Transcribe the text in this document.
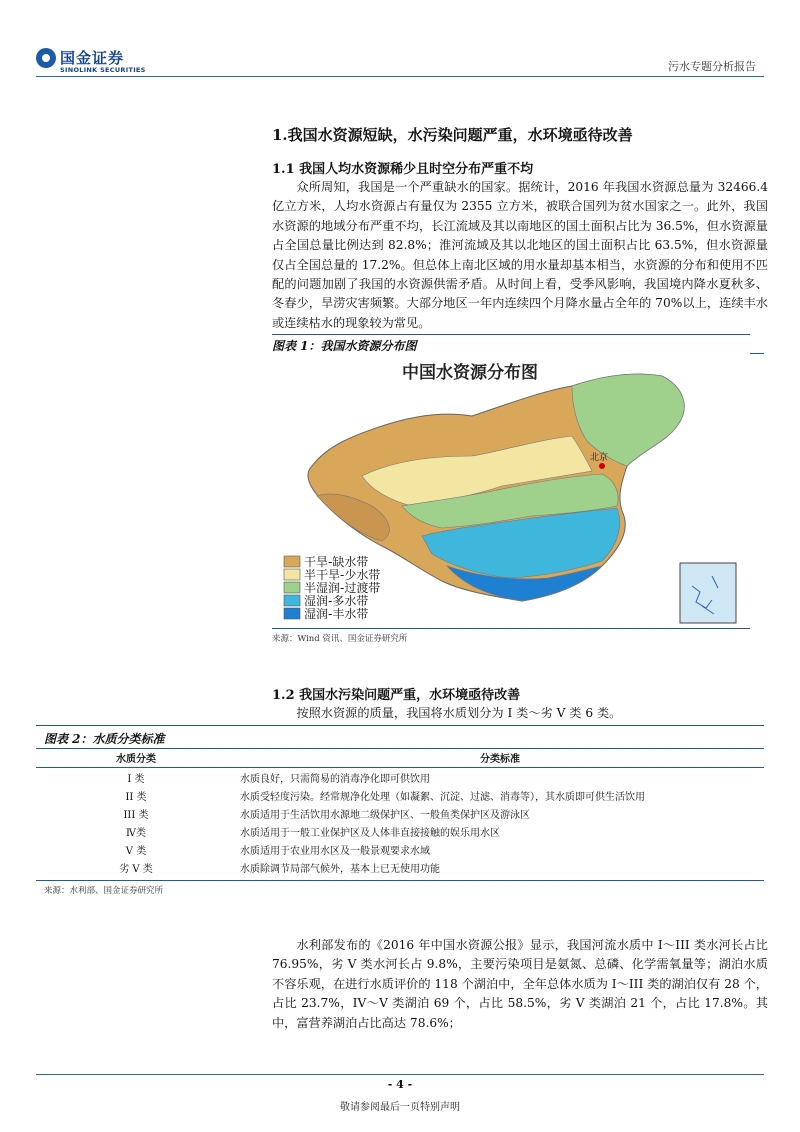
国金证券
SINOLINK SECURITIES	污水专题分析报告
1.我国水资源短缺，水污染问题严重，水环境亟待改善
1.1 我国人均水资源稀少且时空分布严重不均
众所周知，我国是一个严重缺水的国家。据统计，2016 年我国水资源总量为 32466.4 亿立方米，人均水资源占有量仅为 2355 立方米，被联合国列为贫水国家之一。此外，我国水资源的地域分布严重不均，长江流域及其以南地区的国土面积占比为 36.5%，但水资源量占全国总量比例达到 82.8%；淮河流域及其以北地区的国土面积占比 63.5%，但水资源量仅占全国总量的 17.2%。但总体上南北区域的用水量却基本相当，水资源的分布和使用不匹配的问题加剧了我国的水资源供需矛盾。从时间上看，受季风影响，我国境内降水夏秋多、冬春少，旱涝灾害频繁。大部分地区一年内连续四个月降水量占全年的 70%以上，连续丰水或连续枯水的现象较为常见。
图表 1：我国水资源分布图
北京
中国水资源分布图
干旱-缺水带
半干旱-少水带
半湿润-过渡带
湿润-多水带
湿润-丰水带
来源：Wind 资讯、国金证券研究所
1.2 我国水污染问题严重，水环境亟待改善
按照水资源的质量，我国将水质划分为 I 类～劣 V 类 6 类。
图表 2：水质分类标准
水质分类	分类标准
I 类	水质良好，只需简易的消毒净化即可供饮用
II 类	水质受轻度污染。经常规净化处理（如凝絮、沉淀、过滤、消毒等），其水质即可供生活饮用
III 类	水质适用于生活饮用水源地二级保护区、一般鱼类保护区及游泳区
Ⅳ类	水质适用于一般工业保护区及人体非直接接触的娱乐用水区
V 类	水质适用于农业用水区及一般景观要求水域
劣 V 类	水质除调节局部气候外，基本上已无使用功能
来源：水利部、国金证券研究所
水利部发布的《2016 年中国水资源公报》显示，我国河流水质中 I～III 类水河长占比 76.95%，劣 V 类水河长占 9.8%，主要污染项目是氨氮、总磷、化学需氧量等；湖泊水质不容乐观，在进行水质评价的 118 个湖泊中，全年总体水质为 I～III 类的湖泊仅有 28 个，占比 23.7%，IV～V 类湖泊 69 个，占比 58.5%，劣 V 类湖泊 21 个，占比 17.8%。其中，富营养湖泊占比高达 78.6%；
- 4 -
敬请参阅最后一页特别声明
